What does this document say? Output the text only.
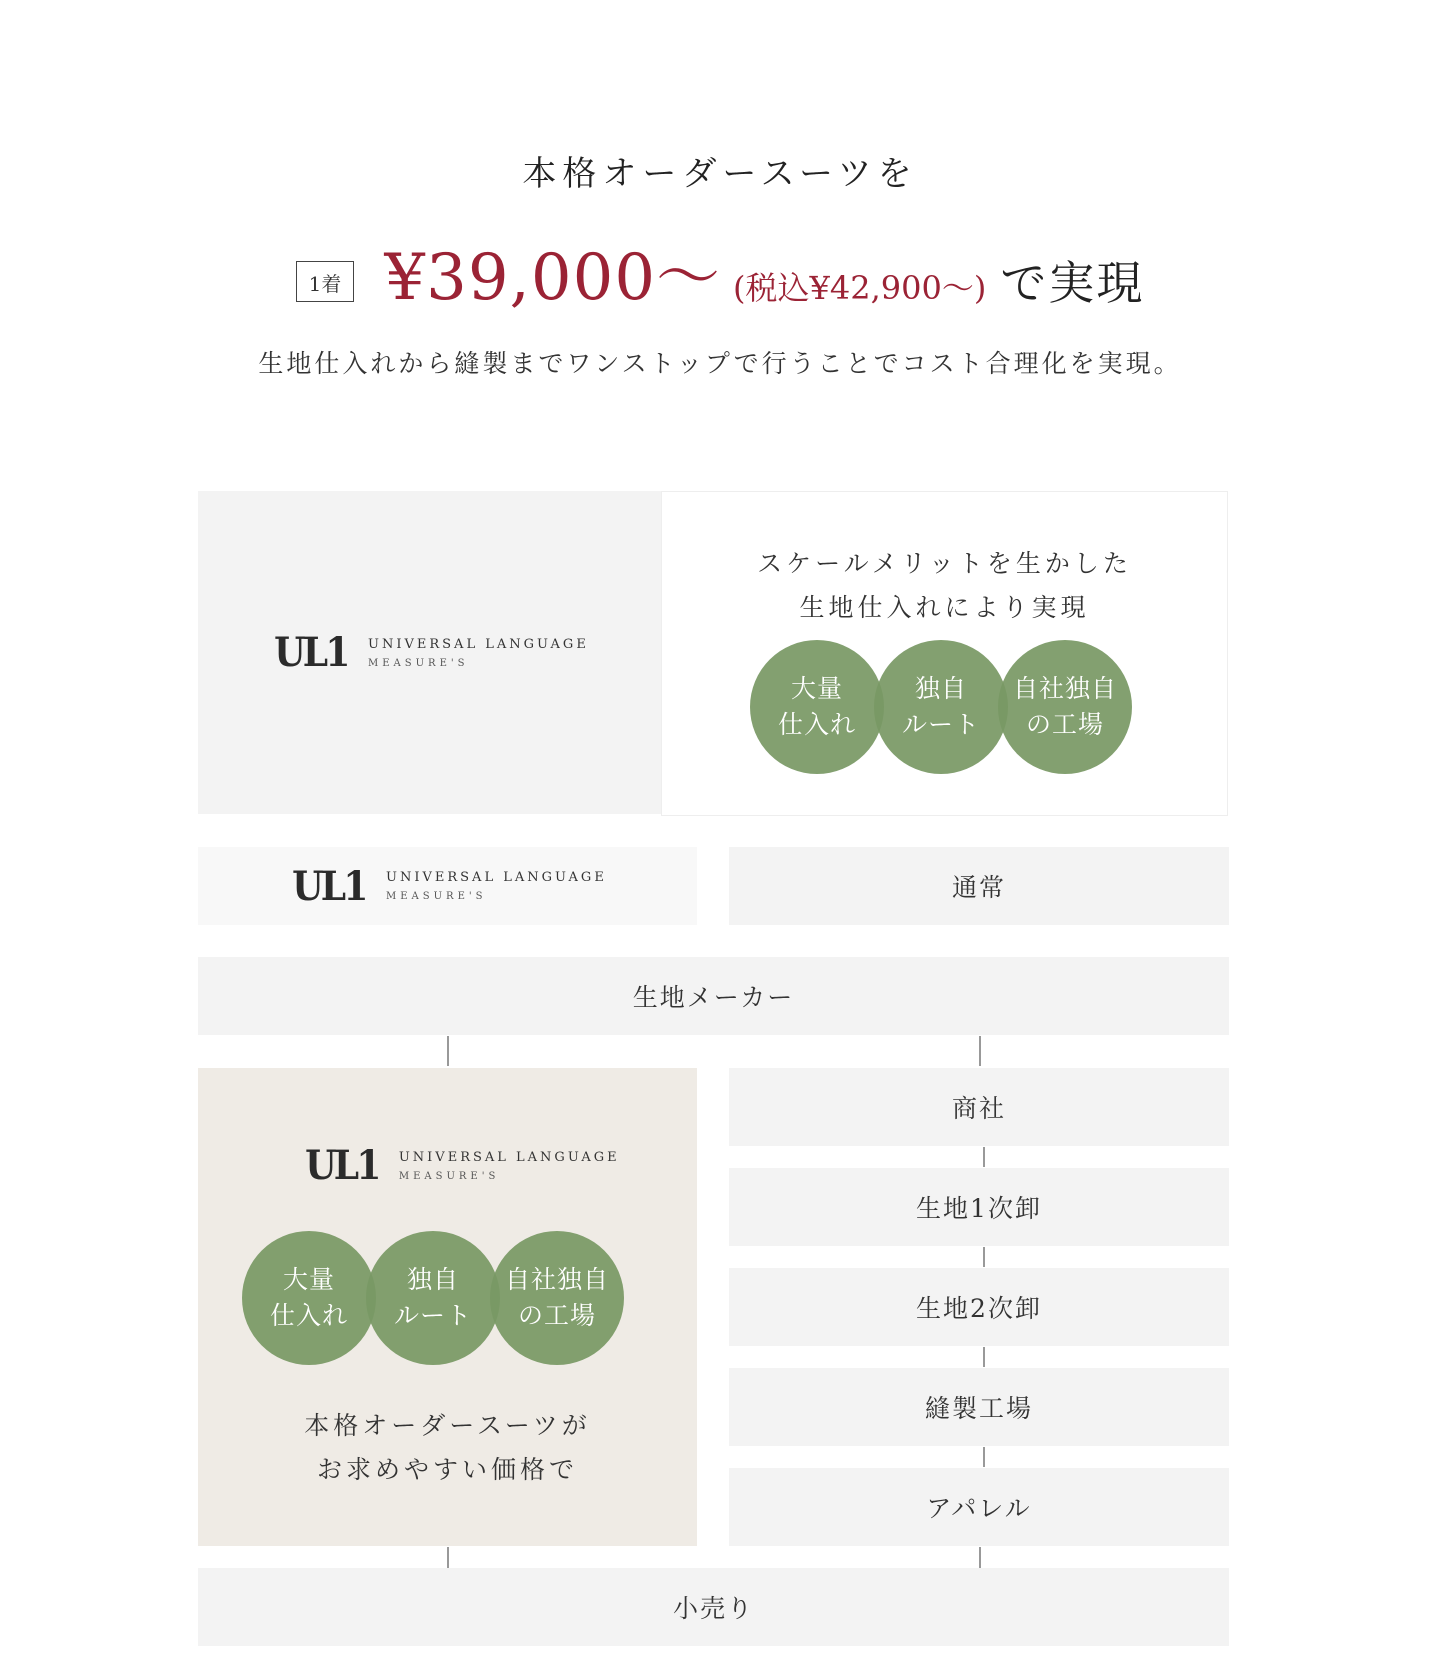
本格オーダースーツを
1着 ¥39,000〜 (税込¥42,900〜) で実現
生地仕入れから縫製までワンストップで行うことでコスト合理化を実現。
UL1 UNIVERSAL LANGUAGE
MEASURE'S
スケールメリットを生かした
生地仕入れにより実現
大量
仕入れ
独自
ルート
自社独自
の工場
UL1 UNIVERSAL LANGUAGE
MEASURE'S	通常
生地メーカー
UL1 UNIVERSAL LANGUAGE
MEASURE'S
大量
仕入れ
独自
ルート
自社独自
の工場
本格オーダースーツが
お求めやすい価格で
商社
生地1次卸
生地2次卸
縫製工場
アパレル
小売り
